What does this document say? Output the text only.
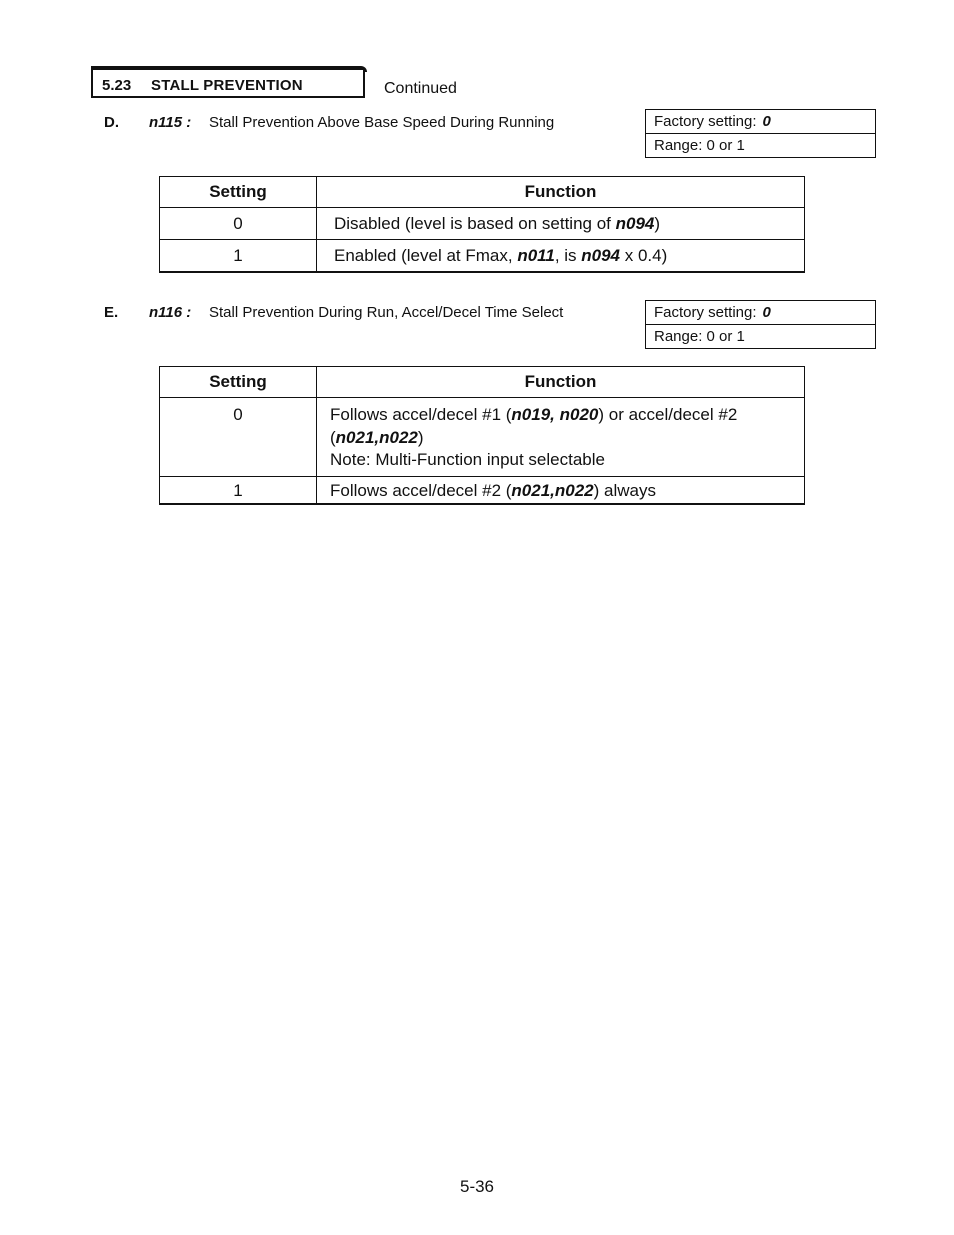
5.23 STALL PREVENTION	Continued
D. n115 : Stall Prevention Above Base Speed During Running	Factory setting: 0
Range: 0 or 1
Setting	Function
0	Disabled (level is based on setting of n094)
1	Enabled (level at Fmax, n011, is n094 x 0.4)
E. n116 : Stall Prevention During Run, Accel/Decel Time Select	Factory setting: 0
Range: 0 or 1
Setting	Function
0	Follows accel/decel #1 (n019, n020) or accel/decel #2
(n021,n022)
Note: Multi-Function input selectable

1	Follows accel/decel #2 (n021,n022) always
5-36
